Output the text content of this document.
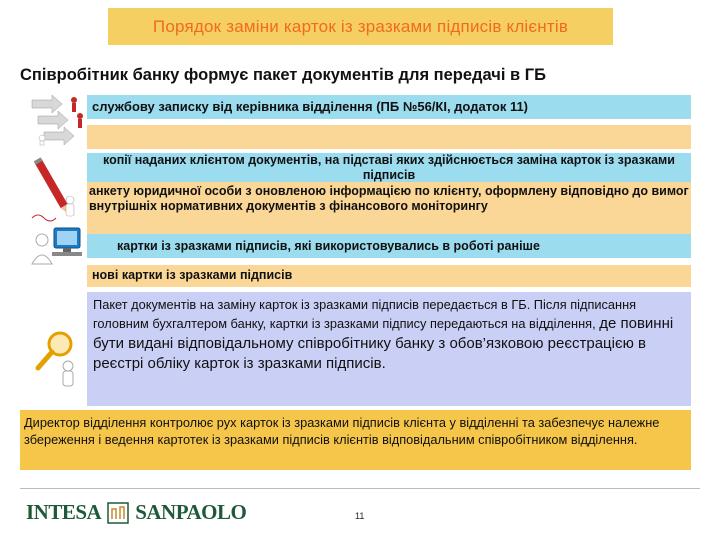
Порядок заміни карток із зразками підписів клієнтів

Співробітник банку формує пакет документів для передачі в ГБ

службову записку від керівника відділення (ПБ №56/КІ, додаток 11)
копії наданих клієнтом документів, на підставі яких здійснюється заміна карток із зразками підписів
анкету юридичної особи з оновленою інформацією по клієнту, оформлену відповідно до вимог внутрішніх нормативних документів з фінансового моніторингу
картки із зразками підписів, які використовувались в роботі раніше
нові картки із зразками підписів
Пакет документів на заміну карток із зразками підписів передається в ГБ. Після підписання головним бухгалтером банку, картки із зразками підпису передаються на відділення, де повинні бути видані відповідальному співробітнику банку з обов’язковою реєстрацією в реєстрі обліку карток із зразками підписів.
Директор відділення контролює рух карток із зразками підписів клієнта у відділенні та забезпечує належне збереження і ведення картотек із зразками підписів клієнтів відповідальним співробітником відділення.
INTESA SANPAOLO	11
